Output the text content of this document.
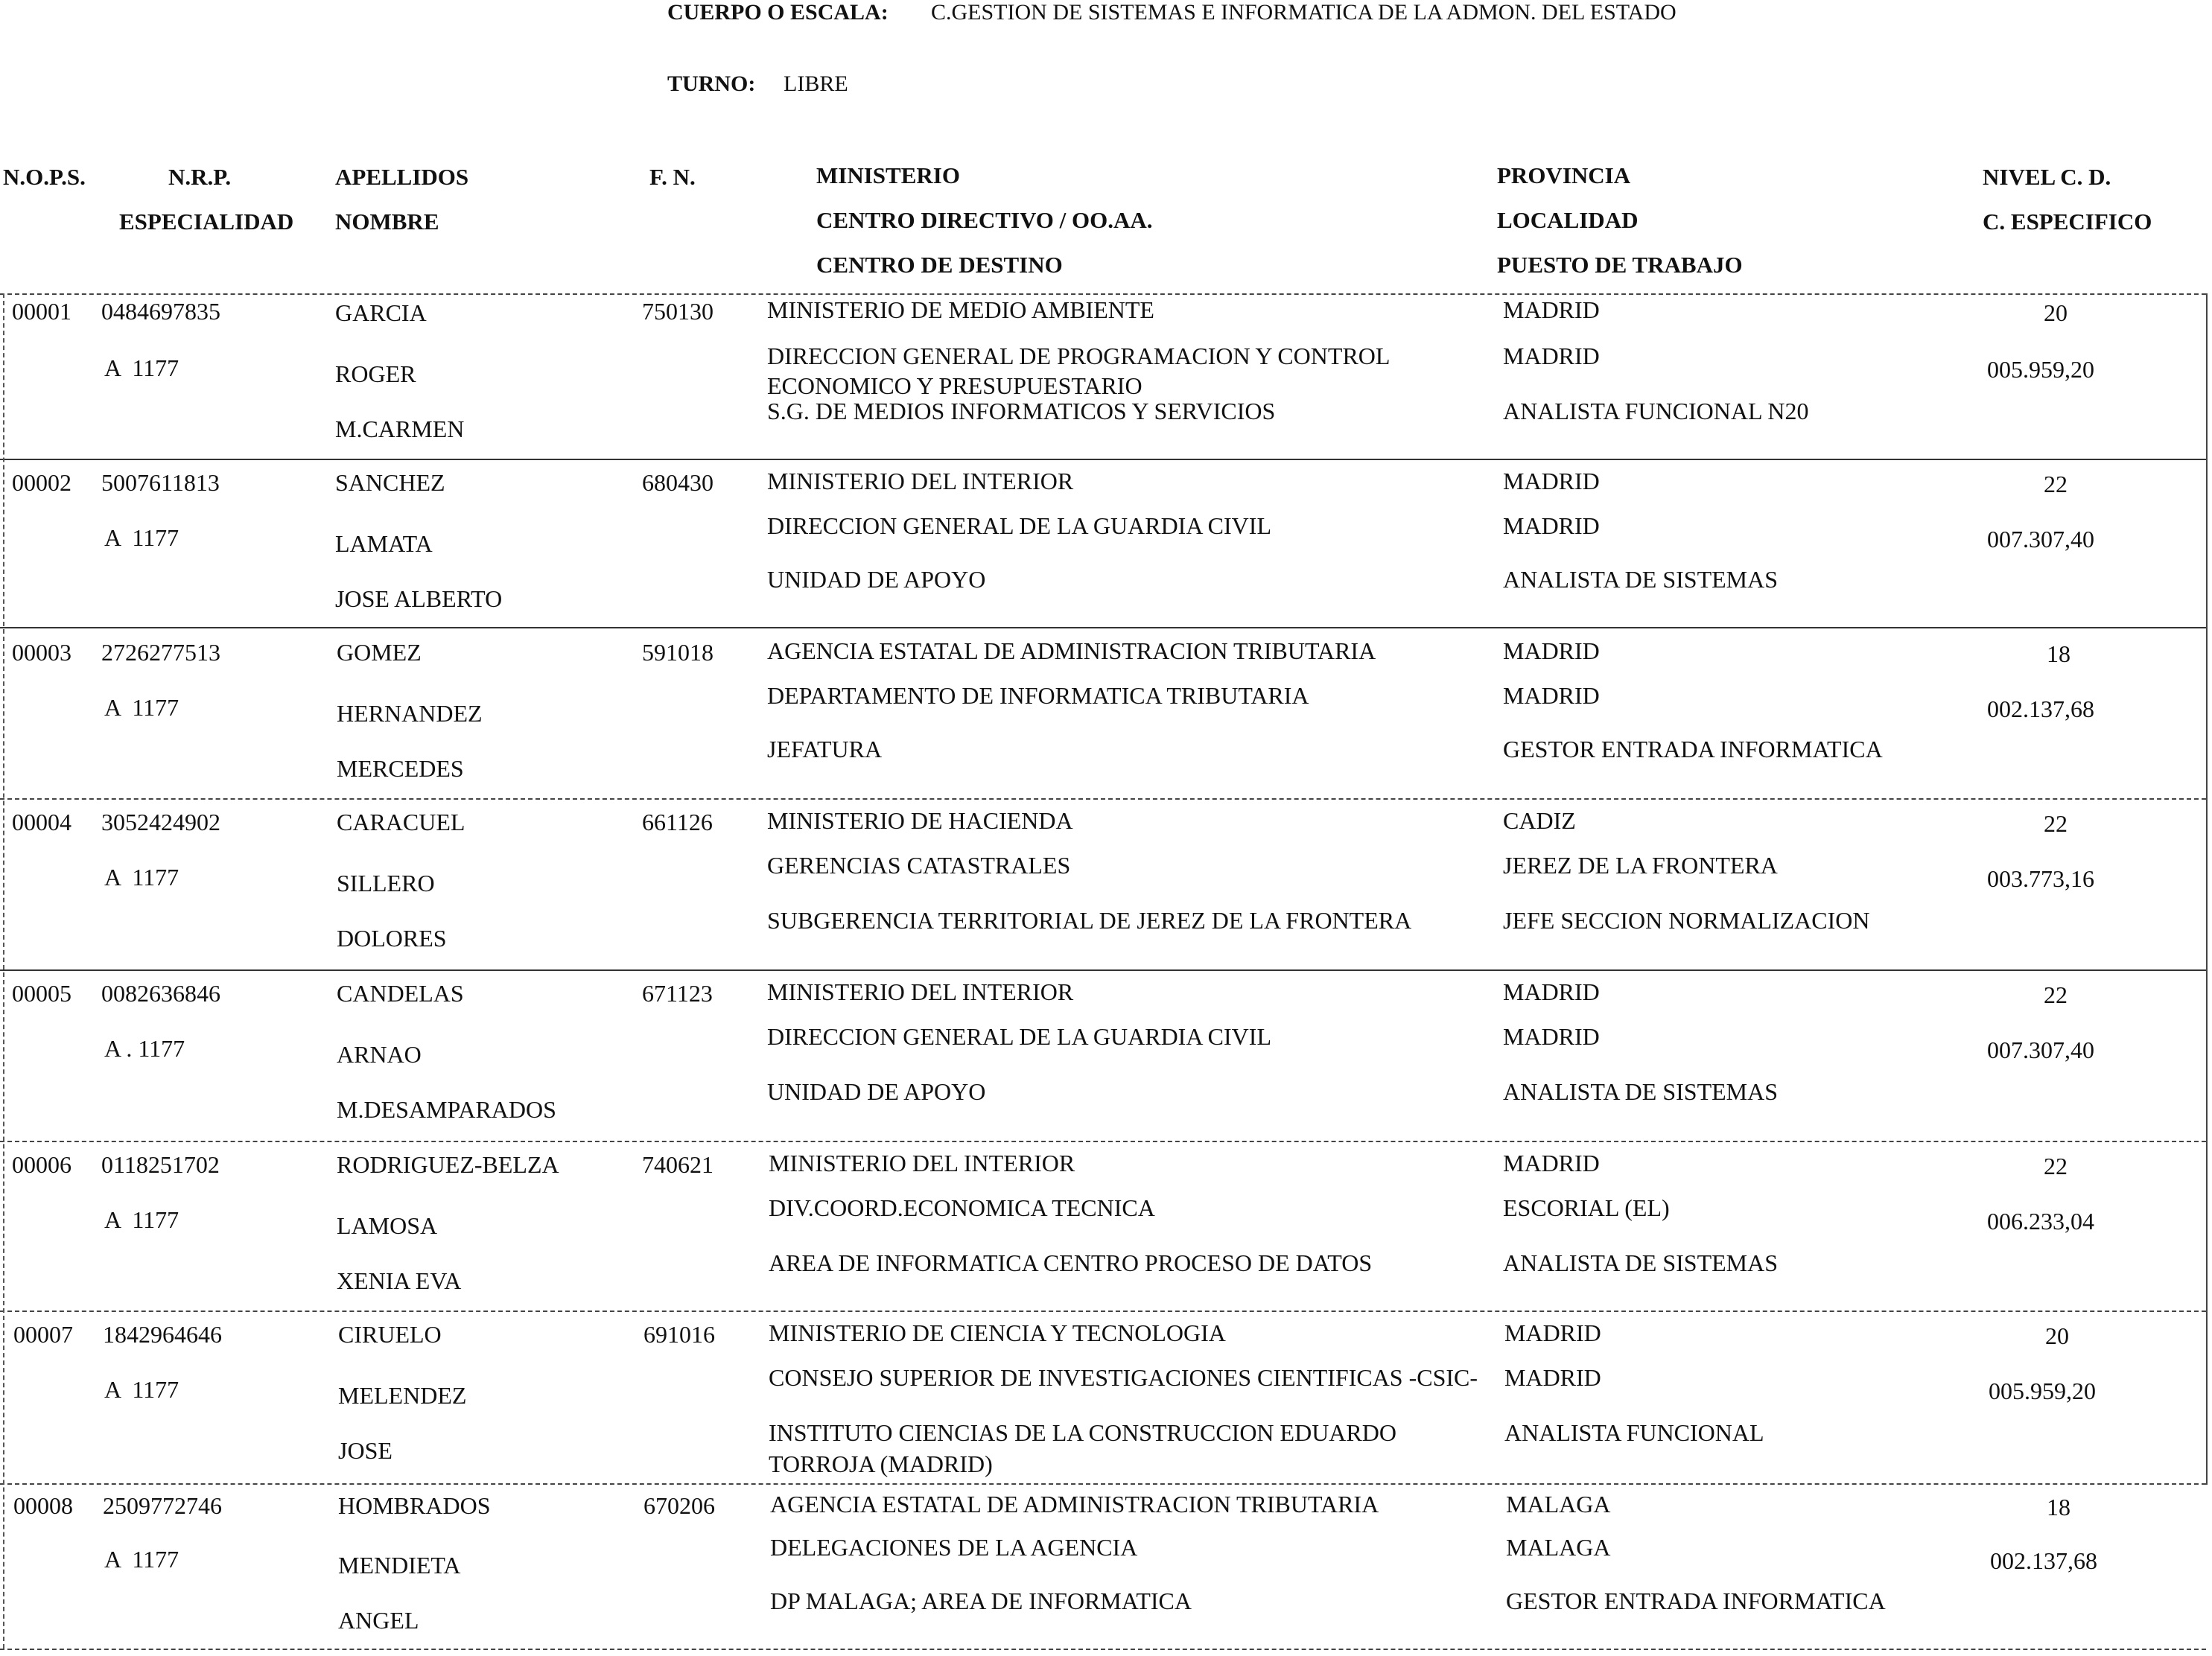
CUERPO O ESCALA: C.GESTION DE SISTEMAS E INFORMATICA DE LA ADMON. DEL ESTADO
TURNO: LIBRE
N.O.P.S.	N.R.P.
ESPECIALIDAD
APELLIDOS
NOMBRE
F. N.	MINISTERIO
CENTRO DIRECTIVO / OO.AA.
CENTRO DE DESTINO
PROVINCIA
LOCALIDAD
PUESTO DE TRABAJO
NIVEL C. D.
C. ESPECIFICO
00001 0484697835
A  1177
GARCIA
ROGER
M.CARMEN
750130 MINISTERIO DE MEDIO AMBIENTE
DIRECCION GENERAL DE PROGRAMACION Y CONTROL
ECONOMICO Y PRESUPUESTARIO
S.G. DE MEDIOS INFORMATICOS Y SERVICIOS
MADRID
MADRID
ANALISTA FUNCIONAL N20
20
005.959,20
00002 5007611813
A  1177
SANCHEZ
LAMATA
JOSE ALBERTO
680430 MINISTERIO DEL INTERIOR
DIRECCION GENERAL DE LA GUARDIA CIVIL
UNIDAD DE APOYO
MADRID
MADRID
ANALISTA DE SISTEMAS
22
007.307,40
00003 2726277513
A  1177
GOMEZ
HERNANDEZ
MERCEDES
591018 AGENCIA ESTATAL DE ADMINISTRACION TRIBUTARIA
DEPARTAMENTO DE INFORMATICA TRIBUTARIA
JEFATURA
MADRID
MADRID
GESTOR ENTRADA INFORMATICA
18
002.137,68
00004 3052424902
A  1177
CARACUEL
SILLERO
DOLORES
661126 MINISTERIO DE HACIENDA
GERENCIAS CATASTRALES
SUBGERENCIA TERRITORIAL DE JEREZ DE LA FRONTERA
CADIZ
JEREZ DE LA FRONTERA
JEFE SECCION NORMALIZACION
22
003.773,16
00005 0082636846
A . 1177
CANDELAS
ARNAO
M.DESAMPARADOS
671123 MINISTERIO DEL INTERIOR
DIRECCION GENERAL DE LA GUARDIA CIVIL
UNIDAD DE APOYO
MADRID
MADRID
ANALISTA DE SISTEMAS
22
007.307,40
00006 0118251702
A  1177
RODRIGUEZ-BELZA
LAMOSA
XENIA EVA
740621 MINISTERIO DEL INTERIOR
DIV.COORD.ECONOMICA TECNICA
AREA DE INFORMATICA CENTRO PROCESO DE DATOS
MADRID
ESCORIAL (EL)
ANALISTA DE SISTEMAS
22
006.233,04
00007 1842964646
A  1177
CIRUELO
MELENDEZ
JOSE
691016 MINISTERIO DE CIENCIA Y TECNOLOGIA
CONSEJO SUPERIOR DE INVESTIGACIONES CIENTIFICAS -CSIC-
INSTITUTO CIENCIAS DE LA CONSTRUCCION EDUARDO
TORROJA (MADRID)
MADRID
MADRID
ANALISTA FUNCIONAL
20
005.959,20
00008 2509772746
A  1177
HOMBRADOS
MENDIETA
ANGEL
670206 AGENCIA ESTATAL DE ADMINISTRACION TRIBUTARIA
DELEGACIONES DE LA AGENCIA
DP MALAGA; AREA DE INFORMATICA
MALAGA
MALAGA
GESTOR ENTRADA INFORMATICA
18
002.137,68
